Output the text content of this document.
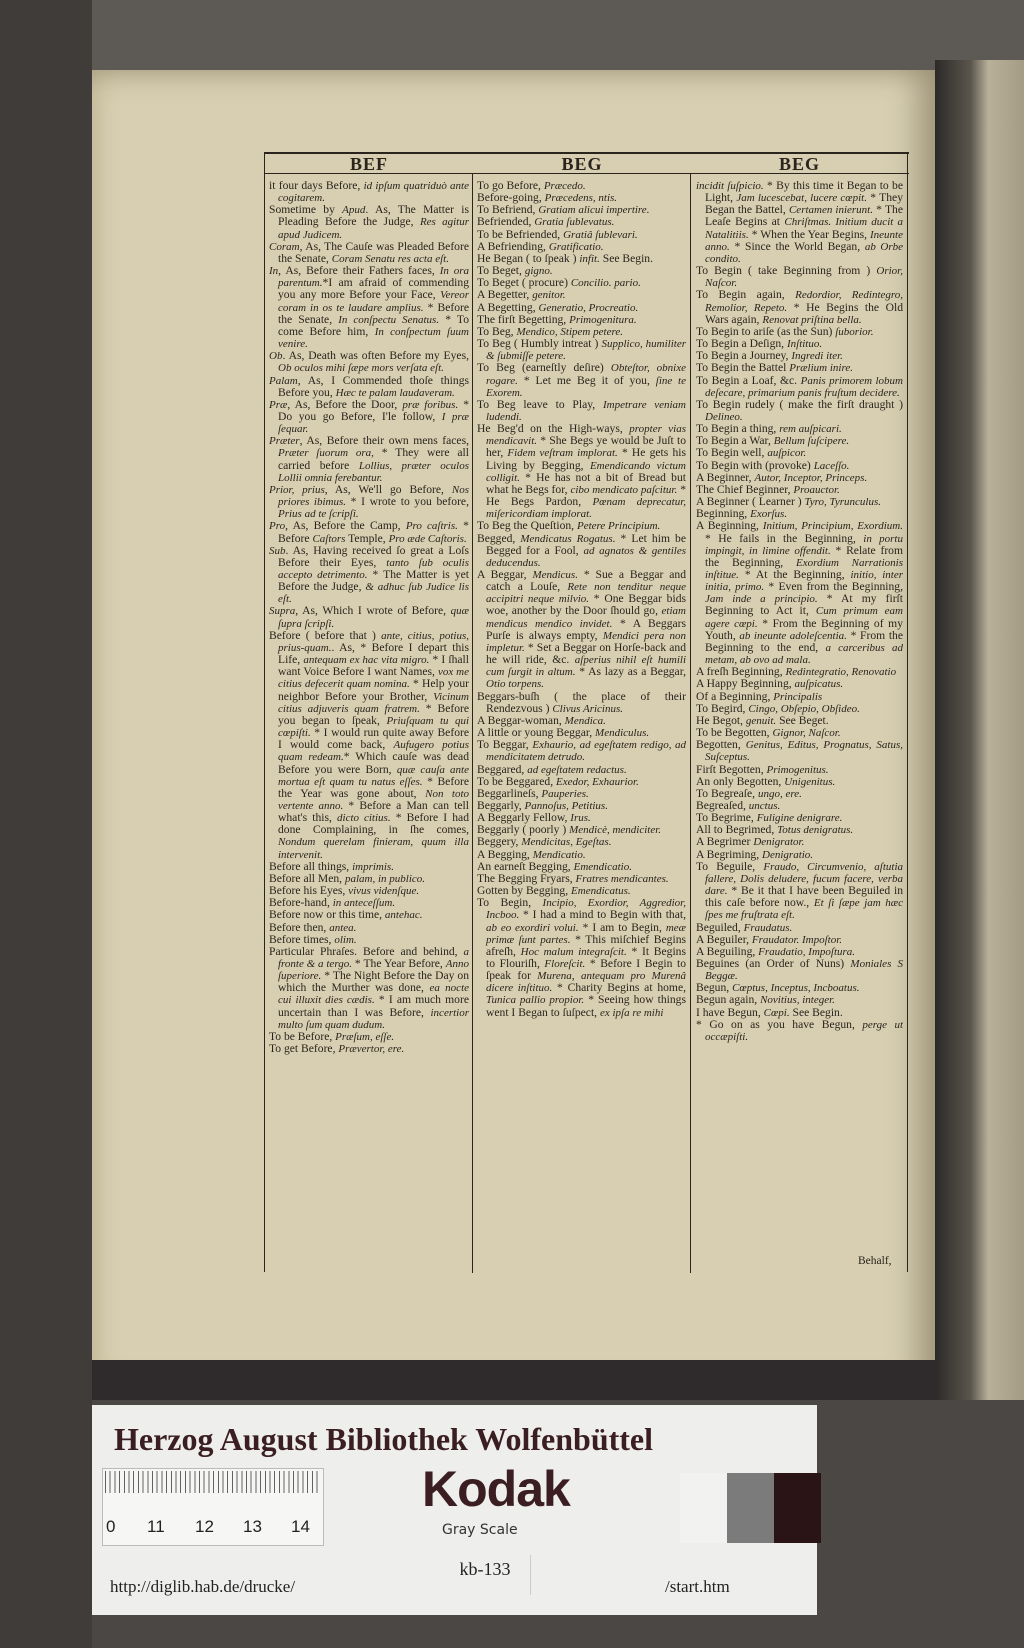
BEF	BEG	BEG

it four days Before, id ipſum quatriduò ante cogitarem.

Sometime by Apud. As, The Matter is Pleading Before the Judge, Res agitur apud Judicem.

Coram, As, The Cauſe was Pleaded Before the Senate, Coram Senatu res acta eſt.

In, As, Before their Fathers faces, In ora parentum.*I am afraid of commending you any more Before your Face, Vereor coram in os te laudare amplius. * Before the Senate, In conſpectu Senatus. * To come Before him, In conſpectum ſuum venire.

Ob. As, Death was often Before my Eyes, Ob oculos mihi ſæpe mors verſata eſt.

Palam, As, I Commended thoſe things Before you, Hæc te palam laudaveram.

Præ, As, Before the Door, præ foribus. * Do you go Before, I'le follow, I præ ſequar.

Præter, As, Before their own mens faces, Præter ſuorum ora, * They were all carried before Lollius, præter oculos Lollii omnia ferebantur.

Prior, prius, As, We'll go Before, Nos priores ibimus. * I wrote to you before, Prius ad te ſcripſi.

Pro, As, Before the Camp, Pro caſtris. * Before Caſtors Temple, Pro æde Caſtoris.

Sub. As, Having received ſo great a Loſs Before their Eyes, tanto ſub oculis accepto detrimento. * The Matter is yet Before the Judge, & adhuc ſub Judice lis eſt.

Supra, As, Which I wrote of Before, quæ ſupra ſcripſi.

Before ( before that ) ante, citius, potius, prius-quam.. As, * Before I depart this Life, antequam ex hac vita migro. * I ſhall want Voice Before I want Names, vox me citius defecerit quam nomina. * Help your neighbor Before your Brother, Vicinum citius adjuveris quam fratrem. * Before you began to ſpeak, Priuſquam tu qui cœpiſti. * I would run quite away Before I would come back, Aufugero potius quam redeam.* Which cauſe was dead Before you were Born, quæ cauſa ante mortua eſt quam tu natus eſſes. * Before the Year was gone about, Non toto vertente anno. * Before a Man can tell what's this, dicto citius. * Before I had done Complaining, in ſhe comes, Nondum querelam finieram, quum illa intervenit.

Before all things, imprimis.

Before all Men, palam, in publico.

Before his Eyes, vivus videnſque.

Before-hand, in anteceſſum.

Before now or this time, antehac.

Before then, antea.

Before times, olim.

Particular Phraſes. Before and behind, a fronte & a tergo. * The Year Before, Anno ſuperiore. * The Night Before the Day on which the Murther was done, ea nocte cui illuxit dies cædis. * I am much more uncertain than I was Before, incertior multo ſum quam dudum.

To be Before, Præſum, eſſe.

To get Before, Prævertor, ere.

To go Before, Præcedo.

Before-going, Præcedens, ntis.

To Befriend, Gratiam alicui impertire.

Befriended, Gratia ſublevatus.

To be Befriended, Gratiâ ſublevari.

A Befriending, Gratificatio.

He Began ( to ſpeak ) infit. See Begin.

To Beget, gigno.

To Beget ( procure) Concilio. pario.

A Begetter, genitor.

A Begetting, Generatio, Procreatio.

The firſt Begetting, Primogenitura.

To Beg, Mendico, Stipem petere.

To Beg ( Humbly intreat ) Supplico, humiliter & ſubmiſſe petere.

To Beg (earneſtly deſire) Obteſtor, obnixe rogare. * Let me Beg it of you, ſine te Exorem.

To Beg leave to Play, Impetrare veniam ludendi.

He Beg'd on the High-ways, propter vias mendicavit. * She Begs ye would be Juſt to her, Fidem veſtram implorat. * He gets his Living by Begging, Emendicando victum colligit. * He has not a bit of Bread but what he Begs for, cibo mendicato paſcitur. * He Begs Pardon, Pœnam deprecatur, miſericordiam implorat.

To Beg the Queſtion, Petere Principium.

Begged, Mendicatus Rogatus. * Let him be Begged for a Fool, ad agnatos & gentiles deducendus.

A Beggar, Mendicus. * Sue a Beggar and catch a Louſe, Rete non tenditur neque accipitri neque milvio. * One Beggar bids woe, another by the Door ſhould go, etiam mendicus mendico invidet. * A Beggars Purſe is always empty, Mendici pera non impletur. * Set a Beggar on Horſe-back and he will ride, &c. aſperius nihil eſt humili cum ſurgit in altum. * As lazy as a Beggar, Otio torpens.

Beggars-buſh ( the place of their Rendezvous ) Clivus Aricinus.

A Beggar-woman, Mendica.

A little or young Beggar, Mendiculus.

To Beggar, Exhaurio, ad egeſtatem redigo, ad mendicitatem detrudo.

Beggared, ad egeſtatem redactus.

To be Beggared, Exedor, Exhaurior.

Beggarlineſs, Pauperies.

Beggarly, Pannoſus, Petitius.

A Beggarly Fellow, Irus.

Beggarly ( poorly ) Mendicè, mendiciter.

Beggery, Mendicitas, Egeſtas.

A Begging, Mendicatio.

An earneſt Begging, Emendicatio.

The Begging Fryars, Fratres mendicantes.

Gotten by Begging, Emendicatus.

To Begin, Incipio, Exordior, Aggredior, Incboo. * I had a mind to Begin with that, ab eo exordiri volui. * I am to Begin, meæ primæ ſunt partes. * This miſchief Begins afreſh, Hoc malum integraſcit. * It Begins to Flouriſh, Floreſcit. * Before I Begin to ſpeak for Murena, antequam pro Murenâ dicere inſtituo. * Charity Begins at home, Tunica pallio propior. * Seeing how things went I Began to ſuſpect, ex ipſa re mihi

incidit ſuſpicio. * By this time it Began to be Light, Jam lucescebat, lucere cœpit. * They Began the Battel, Certamen inierunt. * The Leaſe Begins at Chriſtmas. Initium ducit a Natalitiis. * When the Year Begins, Ineunte anno. * Since the World Began, ab Orbe condito.

To Begin ( take Beginning from ) Orior, Naſcor.

To Begin again, Redordior, Redintegro, Remolior, Repeto. * He Begins the Old Wars again, Renovat priſtina bella.

To Begin to ariſe (as the Sun) ſuborior.

To Begin a Deſign, Inſtituo.

To Begin a Journey, Ingredi iter.

To Begin the Battel Prælium inire.

To Begin a Loaf, &c. Panis primorem lobum deſecare, primarium panis fruſtum decidere.

To Begin rudely ( make the firſt draught ) Delineo.

To Begin a thing, rem auſpicari.

To Begin a War, Bellum ſuſcipere.

To Begin well, auſpicor.

To Begin with (provoke) Laceſſo.

A Beginner, Autor, Inceptor, Princeps.

The Chief Beginner, Proauctor.

A Beginner ( Learner ) Tyro, Tyrunculus.

Beginning, Exorſus.

A Beginning, Initium, Principium, Exordium. * He fails in the Beginning, in portu impingit, in limine offendit. * Relate from the Beginning, Exordium Narrationis inſtitue. * At the Beginning, initio, inter initia, primo. * Even from the Beginning, Jam inde a principio. * At my firſt Beginning to Act it, Cum primum eam agere cœpi. * From the Beginning of my Youth, ab ineunte adoleſcentia. * From the Beginning to the end, a carceribus ad metam, ab ovo ad mala.

A freſh Beginning, Redintegratio, Renovatio

A Happy Beginning, auſpicatus.

Of a Beginning, Principalis

To Begird, Cingo, Obſepio, Obſideo.

He Begot, genuit. See Beget.

To be Begotten, Gignor, Naſcor.

Begotten, Genitus, Editus, Prognatus, Satus, Suſceptus.

Firſt Begotten, Primogenitus.

An only Begotten, Unigenitus.

To Begreaſe, ungo, ere.

Begreaſed, unctus.

To Begrime, Fuligine denigrare.

All to Begrimed, Totus denigratus.

A Begrimer Denigrator.

A Begriming, Denigratio.

To Beguile, Fraudo, Circumvenio, aſtutia fallere, Dolis deludere, fucum facere, verba dare. * Be it that I have been Beguiled in this caſe before now., Et ſi ſæpe jam hæc ſpes me fruſtrata eſt.

Beguiled, Fraudatus.

A Beguiler, Fraudator. Impoſtor.

A Beguiling, Fraudatio, Impoſtura.

Beguines (an Order of Nuns) Moniales S Beggæ.

Begun, Cœptus, Inceptus, Incboatus.

Begun again, Novitius, integer.

I have Begun, Cœpi. See Begin.

* Go on as you have Begun, perge ut occæpiſti.

Behalf,
Herzog August Bibliothek Wolfenbüttel
0 11 12 13 14
Kodak
Gray Scale
kb-133
http://diglib.hab.de/drucke/	/start.htm
